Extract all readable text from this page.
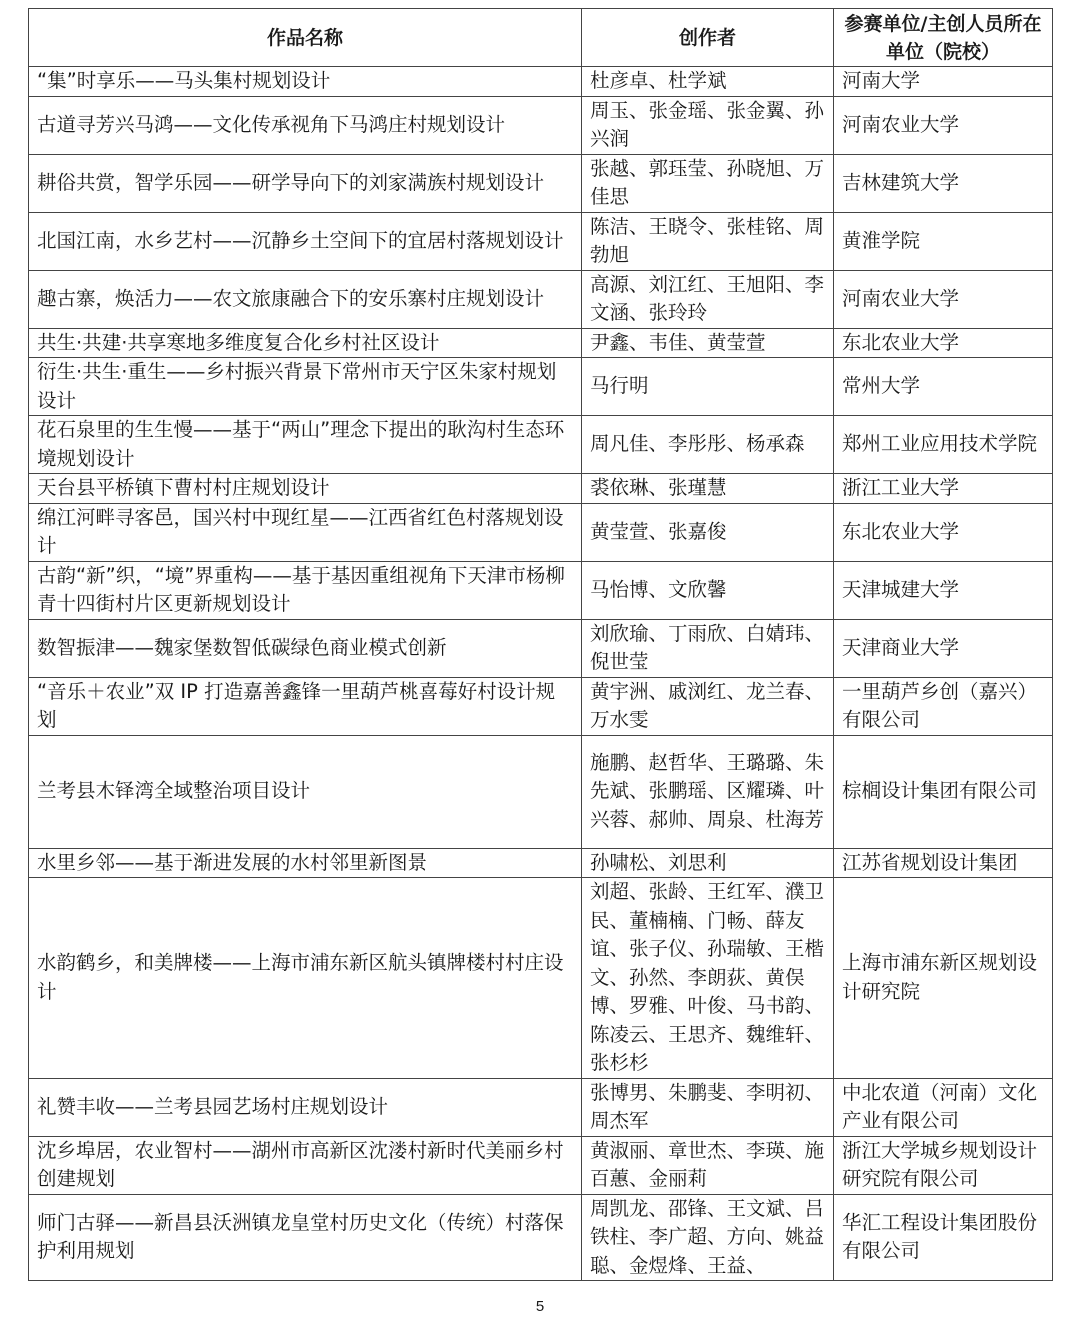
作品名称	创作者	参赛单位/主创人员所在单位（院校）
“集”时享乐——马头集村规划设计	杜彦卓、杜学斌	河南大学
古道寻芳兴马鸿——文化传承视角下马鸿庄村规划设计	周玉、张金瑶、张金翼、孙兴润	河南农业大学
耕俗共赏，智学乐园——研学导向下的刘家满族村规划设计	张越、郭珏莹、孙晓旭、万佳思	吉林建筑大学
北国江南，水乡艺村——沉静乡土空间下的宜居村落规划设计	陈洁、王晓令、张桂铭、周勃旭	黄淮学院
趣古寨，焕活力——农文旅康融合下的安乐寨村庄规划设计	高源、刘江红、王旭阳、李文涵、张玲玲	河南农业大学
共生·共建·共享寒地多维度复合化乡村社区设计	尹鑫、韦佳、黄莹萱	东北农业大学
衍生·共生·重生——乡村振兴背景下常州市天宁区朱家村规划设计	马行明	常州大学
花石泉里的生生慢——基于“两山”理念下提出的耿沟村生态环境规划设计	周凡佳、李彤彤、杨承森	郑州工业应用技术学院
天台县平桥镇下曹村村庄规划设计	裘依琳、张瑾慧	浙江工业大学
绵江河畔寻客邑，国兴村中现红星——江西省红色村落规划设计	黄莹萱、张嘉俊	东北农业大学
古韵“新”织，“境”界重构——基于基因重组视角下天津市杨柳青十四街村片区更新规划设计	马怡博、文欣馨	天津城建大学
数智振津——魏家堡数智低碳绿色商业模式创新	刘欣瑜、丁雨欣、白婧玮、倪世莹	天津商业大学
“音乐＋农业”双 IP 打造嘉善鑫锋一里葫芦桃喜莓好村设计规划	黄宇洲、戚浏红、龙兰春、万水雯	一里葫芦乡创（嘉兴）有限公司
兰考县木铎湾全域整治项目设计	施鹏、赵哲华、王璐璐、朱先斌、张鹏瑶、区耀璘、叶兴蓉、郝帅、周泉、杜海芳	棕榈设计集团有限公司
水里乡邻——基于渐进发展的水村邻里新图景	孙啸松、刘思利	江苏省规划设计集团
水韵鹤乡，和美牌楼——上海市浦东新区航头镇牌楼村村庄设计	刘超、张龄、王红军、濮卫民、董楠楠、门畅、薛友谊、张子仪、孙瑞敏、王楷文、孙然、李朗荻、黄俣博、罗雅、叶俊、马书韵、陈凌云、王思齐、魏维轩、张杉杉	上海市浦东新区规划设计研究院
礼赞丰收——兰考县园艺场村庄规划设计	张博男、朱鹏斐、李明初、周杰军	中北农道（河南）文化产业有限公司
沈乡埠居，农业智村——湖州市高新区沈溇村新时代美丽乡村创建规划	黄淑丽、章世杰、李瑛、施百蕙、金丽莉	浙江大学城乡规划设计研究院有限公司
师门古驿——新昌县沃洲镇龙皇堂村历史文化（传统）村落保护利用规划	周凯龙、邵锋、王文斌、吕铁柱、李广超、方向、姚益聪、金煜烽、王益、	华汇工程设计集团股份有限公司
5
